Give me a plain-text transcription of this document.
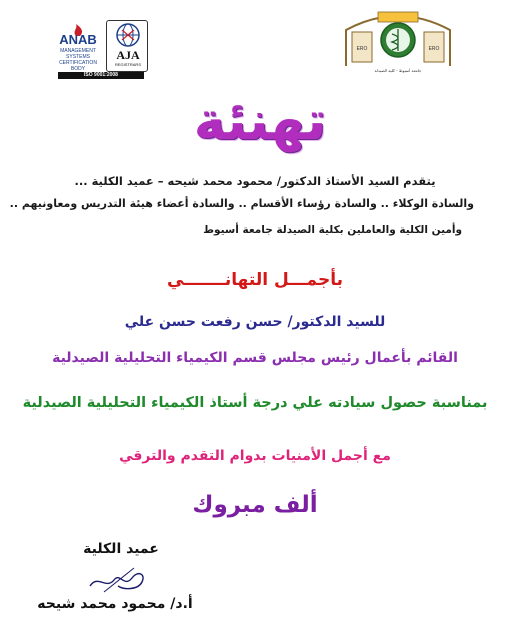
ANAB
MANAGEMENT SYSTEMS CERTIFICATION BODY
AJA
REGISTRARS
ISO 9001:2008
ERO	ERO
جامعة أسيوط - كلية الصيدلة
تهنئة
يتقدم السيد الأستاذ الدكتور/ محمود محمد شيحه – عميد الكلية ...
والسادة الوكلاء .. والسادة رؤساء الأقسام .. والسادة أعضاء هيئة التدريس ومعاونيهم ..
وأمين الكلية والعاملين بكلية الصيدلة جامعة أسيوط
بأجمـــل التهانـــــــي
للسيد الدكتور/ حسن رفعت حسن علي
القائم بأعمال رئيس مجلس قسم الكيمياء التحليلية الصيدلية
بمناسبة حصول سيادته علي درجة أستاذ الكيمياء التحليلية الصيدلية
مع أجمل الأمنيات بدوام التقدم والترقي
ألف مبروك
عميد الكلية
أ.د/ محمود محمد شيحه
